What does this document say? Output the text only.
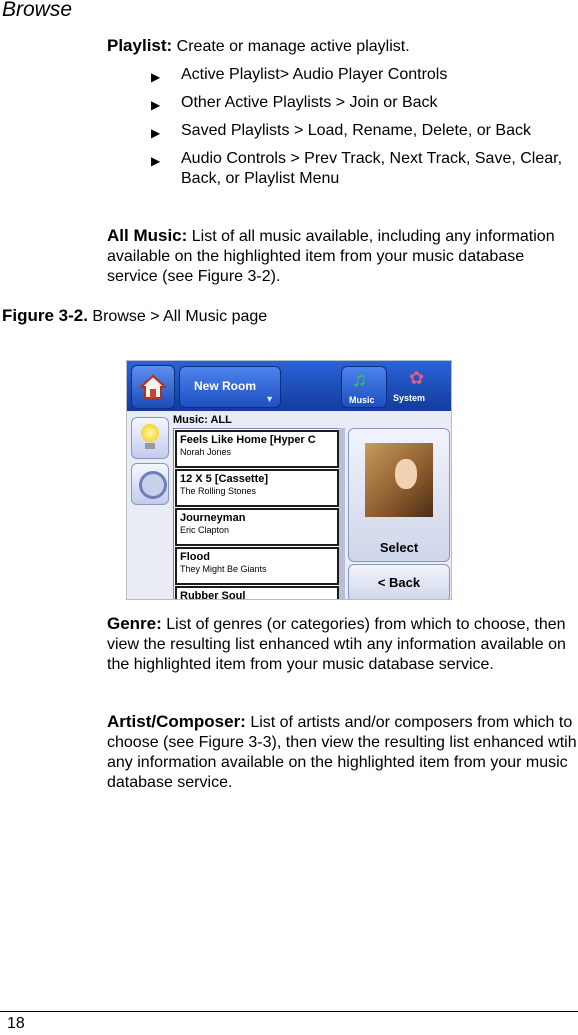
Browse
Playlist: Create or manage active playlist.
▶ Active Playlist> Audio Player Controls
▶ Other Active Playlists > Join or Back
▶ Saved Playlists > Load, Rename, Delete, or Back
▶ Audio Controls > Prev Track, Next Track, Save, Clear, Back, or Playlist Menu
All Music: List of all music available, including any information available on the highlighted item from your music database service (see Figure 3-2).
Figure 3-2. Browse > All Music page
New Room
▼
♫
Music
✿
System
Music: ALL
Feels Like Home [Hyper C
Norah Jones
12 X 5 [Cassette]
The Rolling Stones
Journeyman
Eric Clapton
Flood
They Might Be Giants
Rubber Soul
Select
< Back
Genre: List of genres (or categories) from which to choose, then view the resulting list enhanced wtih any information available on the highlighted item from your music database service.
Artist/Composer: List of artists and/or composers from which to choose (see Figure 3-3), then view the resulting list enhanced wtih any information available on the highlighted item from your music database service.
18
